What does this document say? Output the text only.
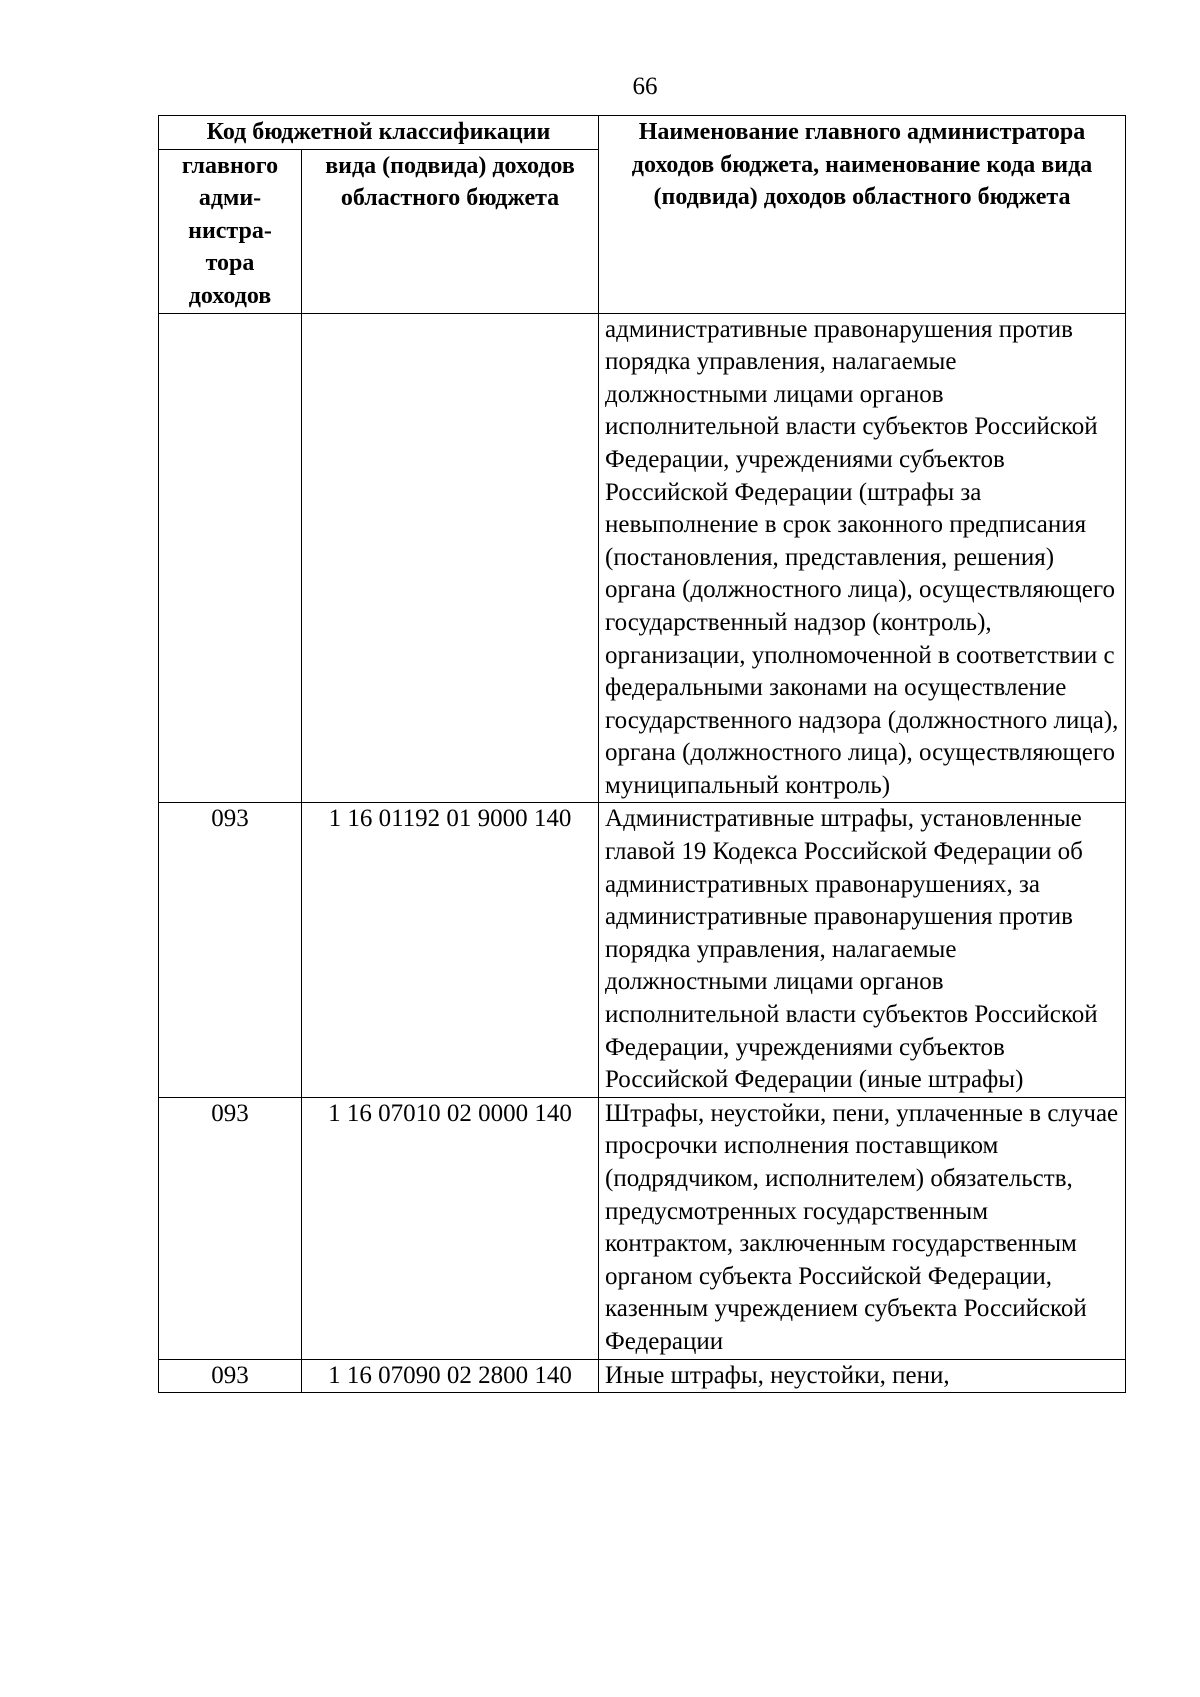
66
Код бюджетной классификации		Наименование главного администратора доходов бюджета, наименование кода вида (подвида) доходов областного бюджета
главного адми-нистра-тора доходов	вида (подвида) доходов областного бюджета	
		административные правонарушения против порядка управления, налагаемые должностными лицами органов исполнительной власти субъектов Российской Федерации, учреждениями субъектов Российской Федерации (штрафы за невыполнение в срок законного предписания (постановления, представления, решения) органа (должностного лица), осуществляющего государственный надзор (контроль), организации, уполномоченной в соответствии с федеральными законами на осуществление государственного надзора (должностного лица), органа (должностного лица), осуществляющего муниципальный контроль)
093	1 16 01192 01 9000 140	Административные штрафы, установленные главой 19 Кодекса Российской Федерации об административных правонарушениях, за административные правонарушения против порядка управления, налагаемые должностными лицами органов исполнительной власти субъектов Российской Федерации, учреждениями субъектов Российской Федерации (иные штрафы)
093	1 16 07010 02 0000 140	Штрафы, неустойки, пени, уплаченные в случае просрочки исполнения поставщиком (подрядчиком, исполнителем) обязательств, предусмотренных государственным контрактом, заключенным государственным органом субъекта Российской Федерации, казенным учреждением субъекта Российской Федерации
093	1 16 07090 02 2800 140	Иные штрафы, неустойки, пени,
